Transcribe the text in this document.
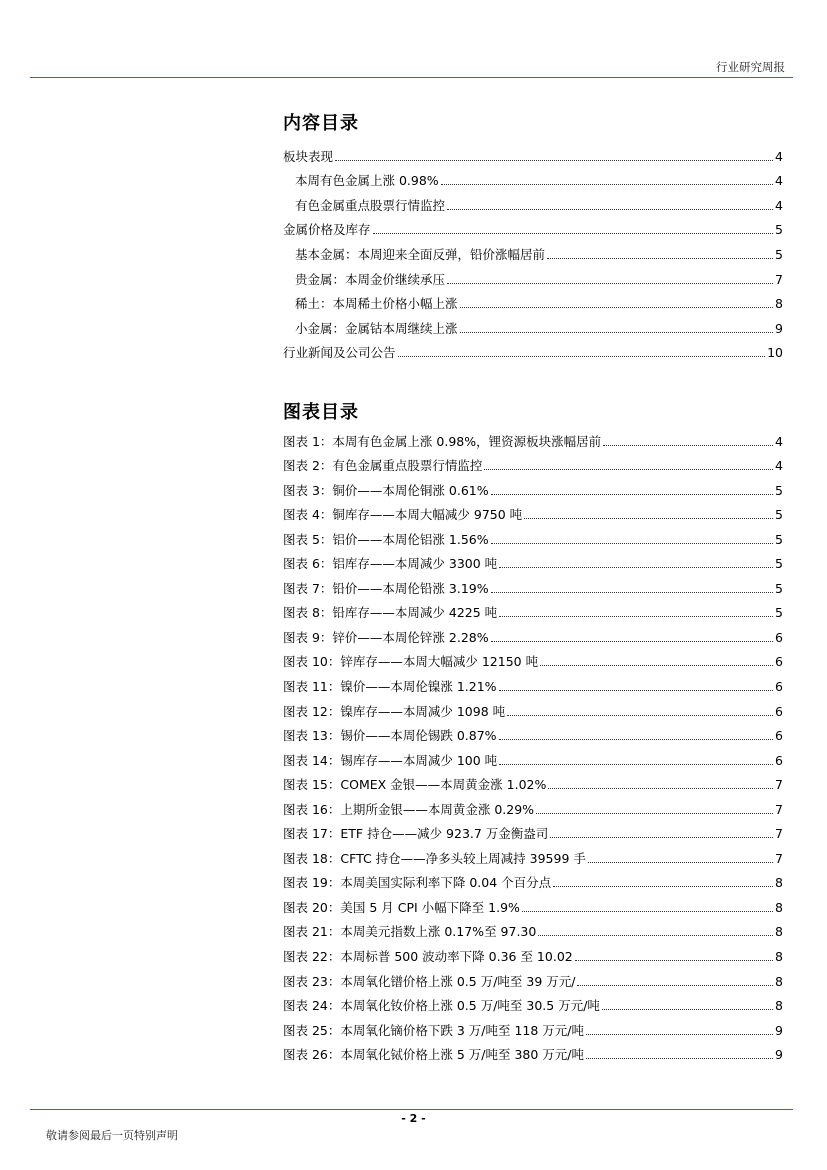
行业研究周报
内容目录
板块表现	4
本周有色金属上涨 0.98%	4
有色金属重点股票行情监控	4
金属价格及库存	5
基本金属：本周迎来全面反弹，铅价涨幅居前	5
贵金属：本周金价继续承压	7
稀土：本周稀土价格小幅上涨	8
小金属：金属钴本周继续上涨	9
行业新闻及公司公告	10
图表目录
图表 1：本周有色金属上涨 0.98%，锂资源板块涨幅居前	4
图表 2：有色金属重点股票行情监控	4
图表 3：铜价——本周伦铜涨 0.61%	5
图表 4：铜库存——本周大幅减少 9750 吨	5
图表 5：铝价——本周伦铝涨 1.56%	5
图表 6：铝库存——本周减少 3300 吨	5
图表 7：铅价——本周伦铅涨 3.19%	5
图表 8：铅库存——本周减少 4225 吨	5
图表 9：锌价——本周伦锌涨 2.28%	6
图表 10：锌库存——本周大幅减少 12150 吨	6
图表 11：镍价——本周伦镍涨 1.21%	6
图表 12：镍库存——本周减少 1098 吨	6
图表 13：锡价——本周伦锡跌 0.87%	6
图表 14：锡库存——本周减少 100 吨	6
图表 15：COMEX 金银——本周黄金涨 1.02%	7
图表 16：上期所金银——本周黄金涨 0.29%	7
图表 17：ETF 持仓——减少 923.7 万金衡盎司	7
图表 18：CFTC 持仓——净多头较上周减持 39599 手	7
图表 19：本周美国实际利率下降 0.04 个百分点	8
图表 20：美国 5 月 CPI 小幅下降至 1.9%	8
图表 21：本周美元指数上涨 0.17%至 97.30	8
图表 22：本周标普 500 波动率下降 0.36 至 10.02	8
图表 23：本周氧化镨价格上涨 0.5 万/吨至 39 万元/	8
图表 24：本周氧化钕价格上涨 0.5 万/吨至 30.5 万元/吨	8
图表 25：本周氧化镝价格下跌 3 万/吨至 118 万元/吨	9
图表 26：本周氧化铽价格上涨 5 万/吨至 380 万元/吨	9
- 2 -
敬请参阅最后一页特别声明
